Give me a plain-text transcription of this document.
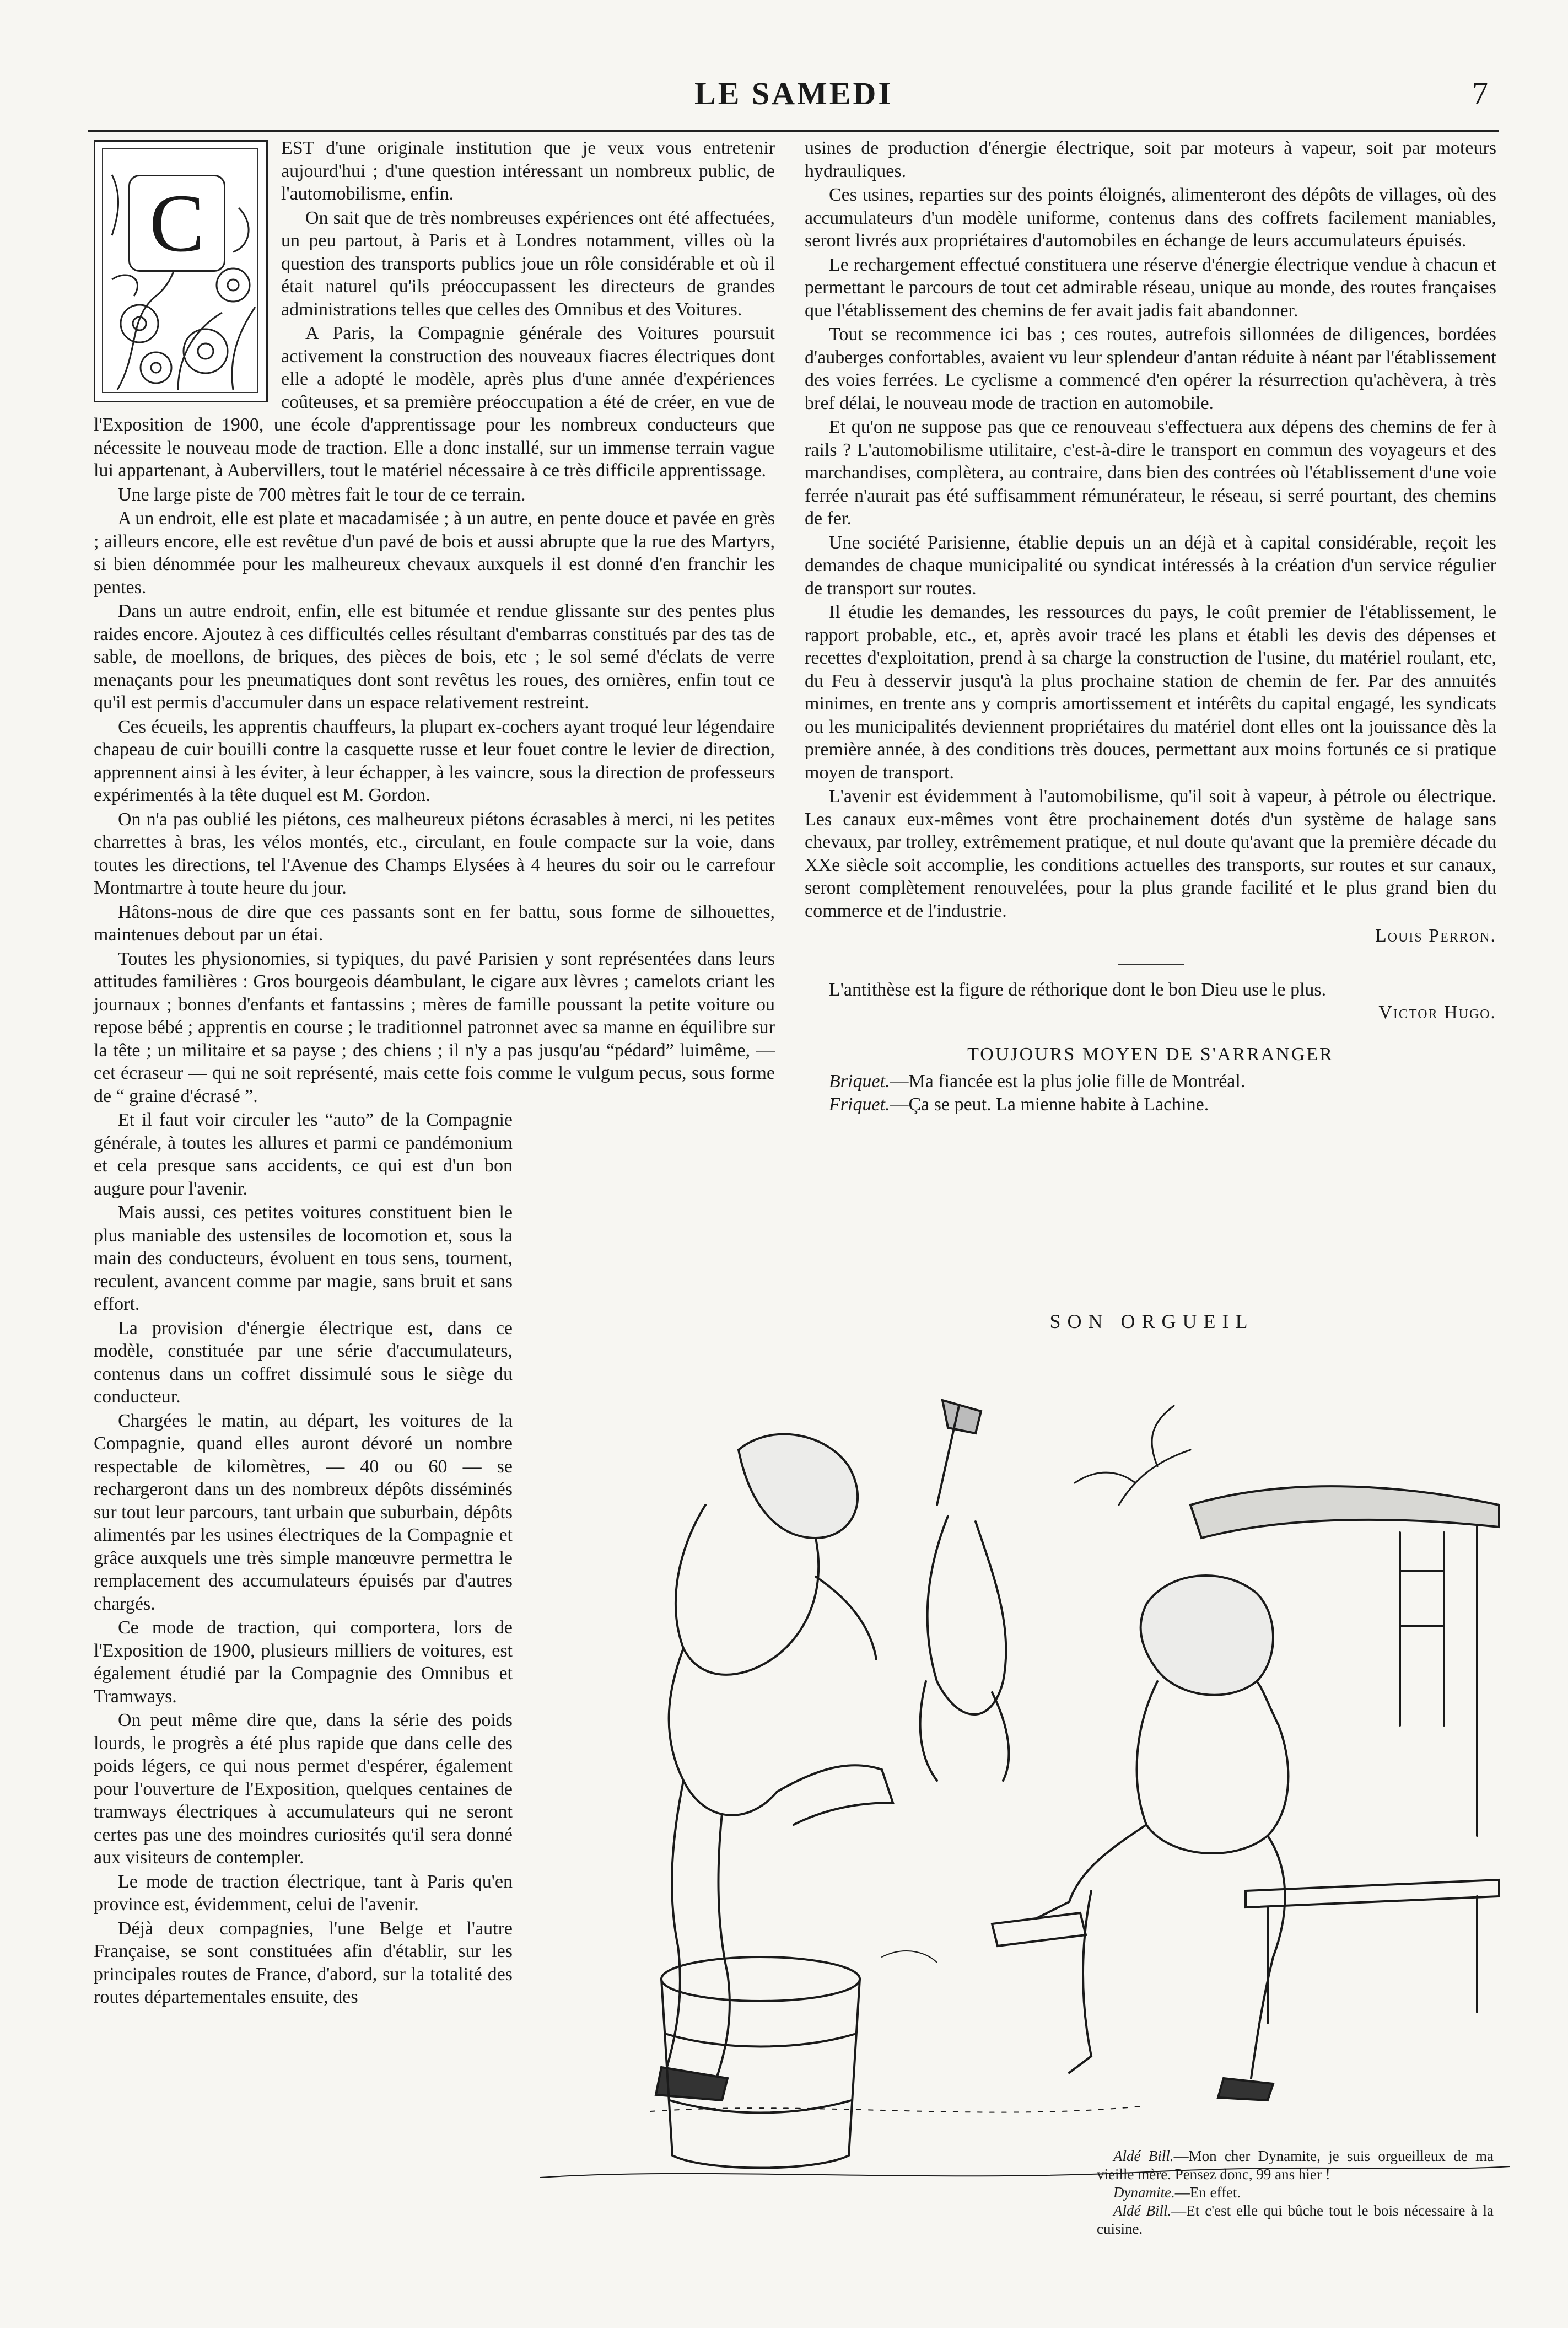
LE SAMEDI	7
C

EST d'une originale institution que je veux vous entretenir aujourd'hui ; d'une question intéressant un nombreux public, de l'automobilisme, enfin.

On sait que de très nombreuses expériences ont été affectuées, un peu partout, à Paris et à Londres notamment, villes où la question des transports publics joue un rôle considérable et où il était naturel qu'ils préoccupassent les directeurs de grandes administrations telles que celles des Omnibus et des Voitures.

A Paris, la Compagnie générale des Voitures poursuit activement la construction des nouveaux fiacres électriques dont elle a adopté le modèle, après plus d'une année d'expériences coûteuses, et sa première préoccupation a été de créer, en vue de l'Exposition de 1900, une école d'apprentissage pour les nombreux conducteurs que nécessite le nouveau mode de traction. Elle a donc installé, sur un immense terrain vague lui appartenant, à Aubervillers, tout le matériel nécessaire à ce très difficile apprentissage.

Une large piste de 700 mètres fait le tour de ce terrain.

A un endroit, elle est plate et macadamisée ; à un autre, en pente douce et pavée en grès ; ailleurs encore, elle est revêtue d'un pavé de bois et aussi abrupte que la rue des Martyrs, si bien dénommée pour les malheureux chevaux auxquels il est donné d'en franchir les pentes.

Dans un autre endroit, enfin, elle est bitumée et rendue glissante sur des pentes plus raides encore. Ajoutez à ces difficultés celles résultant d'embarras constitués par des tas de sable, de moellons, de briques, des pièces de bois, etc ; le sol semé d'éclats de verre menaçants pour les pneumatiques dont sont revêtus les roues, des ornières, enfin tout ce qu'il est permis d'accumuler dans un espace relativement restreint.

Ces écueils, les apprentis chauffeurs, la plupart ex-cochers ayant troqué leur légendaire chapeau de cuir bouilli contre la casquette russe et leur fouet contre le levier de direction, apprennent ainsi à les éviter, à leur échapper, à les vaincre, sous la direction de professeurs expérimentés à la tête duquel est M. Gordon.

On n'a pas oublié les piétons, ces malheureux piétons écrasables à merci, ni les petites charrettes à bras, les vélos montés, etc., circulant, en foule compacte sur la voie, dans toutes les directions, tel l'Avenue des Champs Elysées à 4 heures du soir ou le carrefour Montmartre à toute heure du jour.

Hâtons-nous de dire que ces passants sont en fer battu, sous forme de silhouettes, maintenues debout par un étai.

Toutes les physionomies, si typiques, du pavé Parisien y sont représentées dans leurs attitudes familières : Gros bourgeois déambulant, le cigare aux lèvres ; camelots criant les journaux ; bonnes d'enfants et fantassins ; mères de famille poussant la petite voiture ou repose bébé ; apprentis en course ; le traditionnel patronnet avec sa manne en équilibre sur la tête ; un militaire et sa payse ; des chiens ; il n'y a pas jusqu'au “pédard” luimême, — cet écraseur — qui ne soit représenté, mais cette fois comme le vulgum pecus, sous forme de “ graine d'écrasé ”.

Et il faut voir circuler les “auto” de la Compagnie générale, à toutes les allures et parmi ce pandémonium et cela presque sans accidents, ce qui est d'un bon augure pour l'avenir.

Mais aussi, ces petites voitures constituent bien le plus maniable des ustensiles de locomotion et, sous la main des conducteurs, évoluent en tous sens, tournent, reculent, avancent comme par magie, sans bruit et sans effort.

La provision d'énergie électrique est, dans ce modèle, constituée par une série d'accumulateurs, contenus dans un coffret dissimulé sous le siège du conducteur.

Chargées le matin, au départ, les voitures de la Compagnie, quand elles auront dévoré un nombre respectable de kilomètres, — 40 ou 60 — se rechargeront dans un des nombreux dépôts disséminés sur tout leur parcours, tant urbain que suburbain, dépôts alimentés par les usines électriques de la Compagnie et grâce auxquels une très simple manœuvre permettra le remplacement des accumulateurs épuisés par d'autres chargés.

Ce mode de traction, qui comportera, lors de l'Exposition de 1900, plusieurs milliers de voitures, est également étudié par la Compagnie des Omnibus et Tramways.

On peut même dire que, dans la série des poids lourds, le progrès a été plus rapide que dans celle des poids légers, ce qui nous permet d'espérer, également pour l'ouverture de l'Exposition, quelques centaines de tramways électriques à accumulateurs qui ne seront certes pas une des moindres curiosités qu'il sera donné aux visiteurs de contempler.

Le mode de traction électrique, tant à Paris qu'en province est, évidemment, celui de l'avenir.

Déjà deux compagnies, l'une Belge et l'autre Française, se sont constituées afin d'établir, sur les principales routes de France, d'abord, sur la totalité des routes départementales ensuite, des

usines de production d'énergie électrique, soit par moteurs à vapeur, soit par moteurs hydrauliques.

Ces usines, reparties sur des points éloignés, alimenteront des dépôts de villages, où des accumulateurs d'un modèle uniforme, contenus dans des coffrets facilement maniables, seront livrés aux propriétaires d'automobiles en échange de leurs accumulateurs épuisés.

Le rechargement effectué constituera une réserve d'énergie électrique vendue à chacun et permettant le parcours de tout cet admirable réseau, unique au monde, des routes françaises que l'établissement des chemins de fer avait jadis fait abandonner.

Tout se recommence ici bas ; ces routes, autrefois sillonnées de diligences, bordées d'auberges confortables, avaient vu leur splendeur d'antan réduite à néant par l'établissement des voies ferrées. Le cyclisme a commencé d'en opérer la résurrection qu'achèvera, à très bref délai, le nouveau mode de traction en automobile.

Et qu'on ne suppose pas que ce renouveau s'effectuera aux dépens des chemins de fer à rails ? L'automobilisme utilitaire, c'est-à-dire le transport en commun des voyageurs et des marchandises, complètera, au contraire, dans bien des contrées où l'établissement d'une voie ferrée n'aurait pas été suffisamment rémunérateur, le réseau, si serré pourtant, des chemins de fer.

Une société Parisienne, établie depuis un an déjà et à capital considérable, reçoit les demandes de chaque municipalité ou syndicat intéressés à la création d'un service régulier de transport sur routes.

Il étudie les demandes, les ressources du pays, le coût premier de l'établissement, le rapport probable, etc., et, après avoir tracé les plans et établi les devis des dépenses et recettes d'exploitation, prend à sa charge la construction de l'usine, du matériel roulant, etc, du Feu à desservir jusqu'à la plus prochaine station de chemin de fer. Par des annuités minimes, en trente ans y compris amortissement et intérêts du capital engagé, les syndicats ou les municipalités deviennent propriétaires du matériel dont elles ont la jouissance dès la première année, à des conditions très douces, permettant aux moins fortunés ce si pratique moyen de transport.

L'avenir est évidemment à l'automobilisme, qu'il soit à vapeur, à pétrole ou électrique. Les canaux eux-mêmes vont être prochainement dotés d'un système de halage sans chevaux, par trolley, extrêmement pratique, et nul doute qu'avant que la première décade du XXe siècle soit accomplie, les conditions actuelles des transports, sur routes et sur canaux, seront complètement renouvelées, pour la plus grande facilité et le plus grand bien du commerce et de l'industrie.

Louis Perron.
L'antithèse est la figure de réthorique dont le bon Dieu use le plus.
Victor Hugo.
TOUJOURS MOYEN DE S'ARRANGER

Briquet.—Ma fiancée est la plus jolie fille de Montréal.

Friquet.—Ça se peut. La mienne habite à Lachine.

SON ORGUEIL

Aldé Bill.—Mon cher Dynamite, je suis orgueilleux de ma vieille mère. Pensez donc, 99 ans hier !

Dynamite.—En effet.

Aldé Bill.—Et c'est elle qui bûche tout le bois nécessaire à la cuisine.
